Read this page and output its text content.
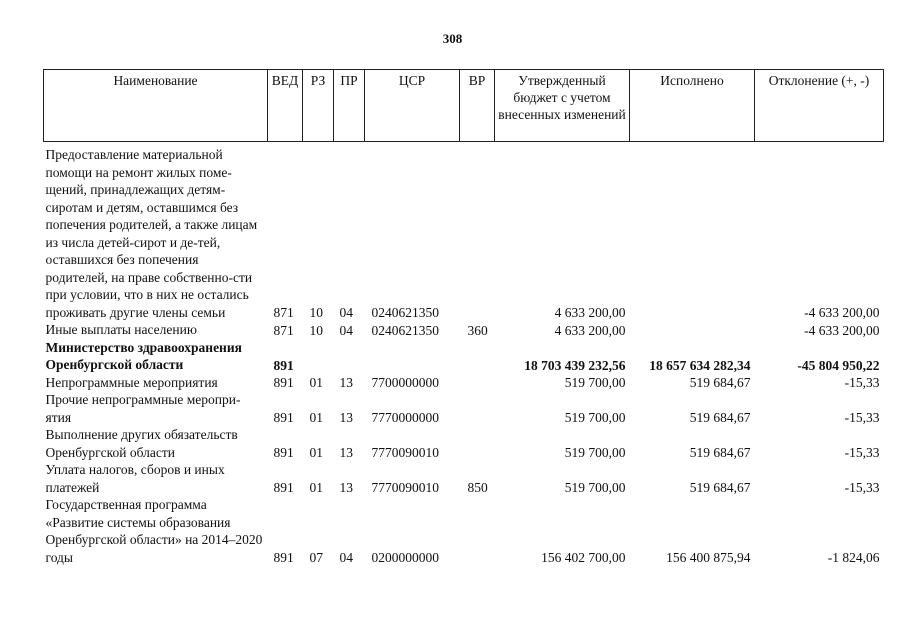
308
Наименование	ВЕД	РЗ	ПР	ЦСР	ВР	Утвержденный бюджет с учетом внесенных изменений	Исполнено	Отклонение (+, -)
Предоставление материальной помощи на ремонт жилых поме-щений, принадлежащих детям-сиротам и детям, оставшимся без попечения родителей, а также лицам из числа детей-сирот и де-тей, оставшихся без попечения родителей, на праве собственно-сти при условии, что в них не остались проживать другие члены семьи	871	10	04	0240621350		4 633 200,00		-4 633 200,00
Иные выплаты населению	871	10	04	0240621350	360	4 633 200,00		-4 633 200,00
Министерство здравоохранения Оренбургской области	891					18 703 439 232,56	18 657 634 282,34	-45 804 950,22
Непрограммные мероприятия	891	01	13	7700000000		519 700,00	519 684,67	-15,33
Прочие непрограммные меропри-ятия	891	01	13	7770000000		519 700,00	519 684,67	-15,33
Выполнение других обязательств Оренбургской области	891	01	13	7770090010		519 700,00	519 684,67	-15,33
Уплата налогов, сборов и иных платежей	891	01	13	7770090010	850	519 700,00	519 684,67	-15,33
Государственная программа «Развитие системы образования Оренбургской области» на 2014–2020 годы	891	07	04	0200000000		156 402 700,00	156 400 875,94	-1 824,06
